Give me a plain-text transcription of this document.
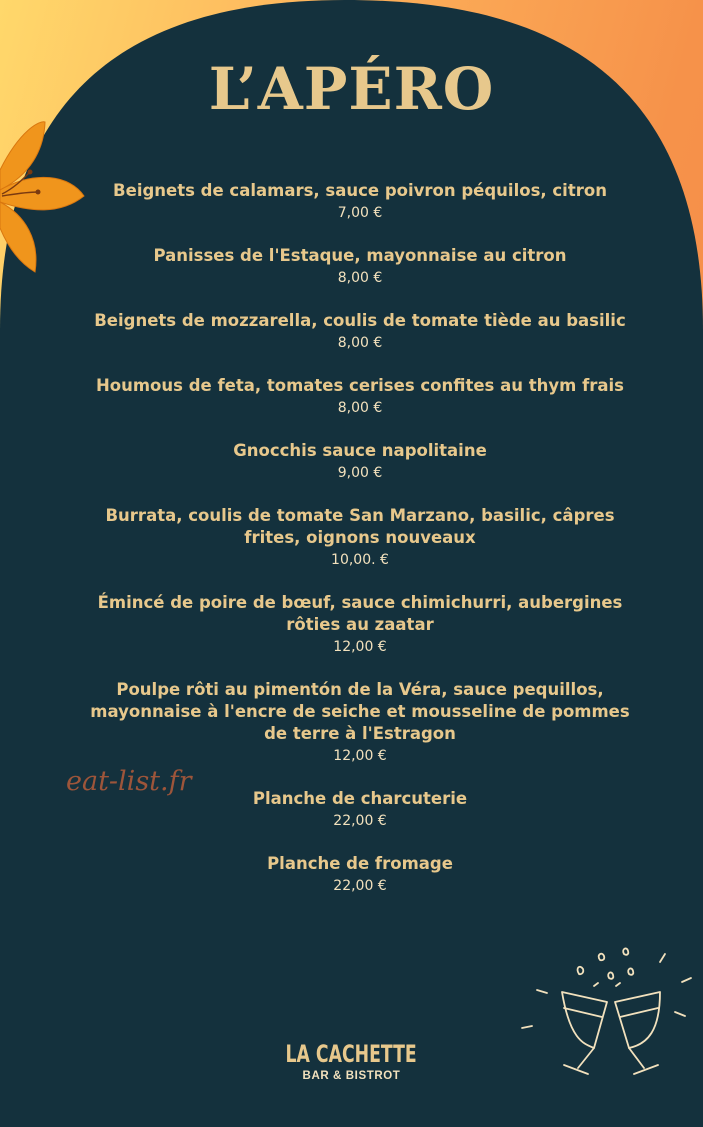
L’APÉRO
Beignets de calamars, sauce poivron péquilos, citron
7,00 €
Panisses de l'Estaque, mayonnaise au citron
8,00 €
Beignets de mozzarella, coulis de tomate tiède au basilic
8,00 €
Houmous de feta, tomates cerises confites au thym frais
8,00 €
Gnocchis sauce napolitaine
9,00 €
Burrata, coulis de tomate San Marzano, basilic, câpres frites, oignons nouveaux
10,00. €
Émincé de poire de bœuf, sauce chimichurri, aubergines rôties au zaatar
12,00 €
Poulpe rôti au pimentón de la Véra, sauce pequillos, mayonnaise à l'encre de seiche et mousseline de pommes de terre à l'Estragon
12,00 €
Planche de charcuterie
22,00 €
Planche de fromage
22,00 €
eat-list.fr
LA CACHETTE
BAR & BISTROT
